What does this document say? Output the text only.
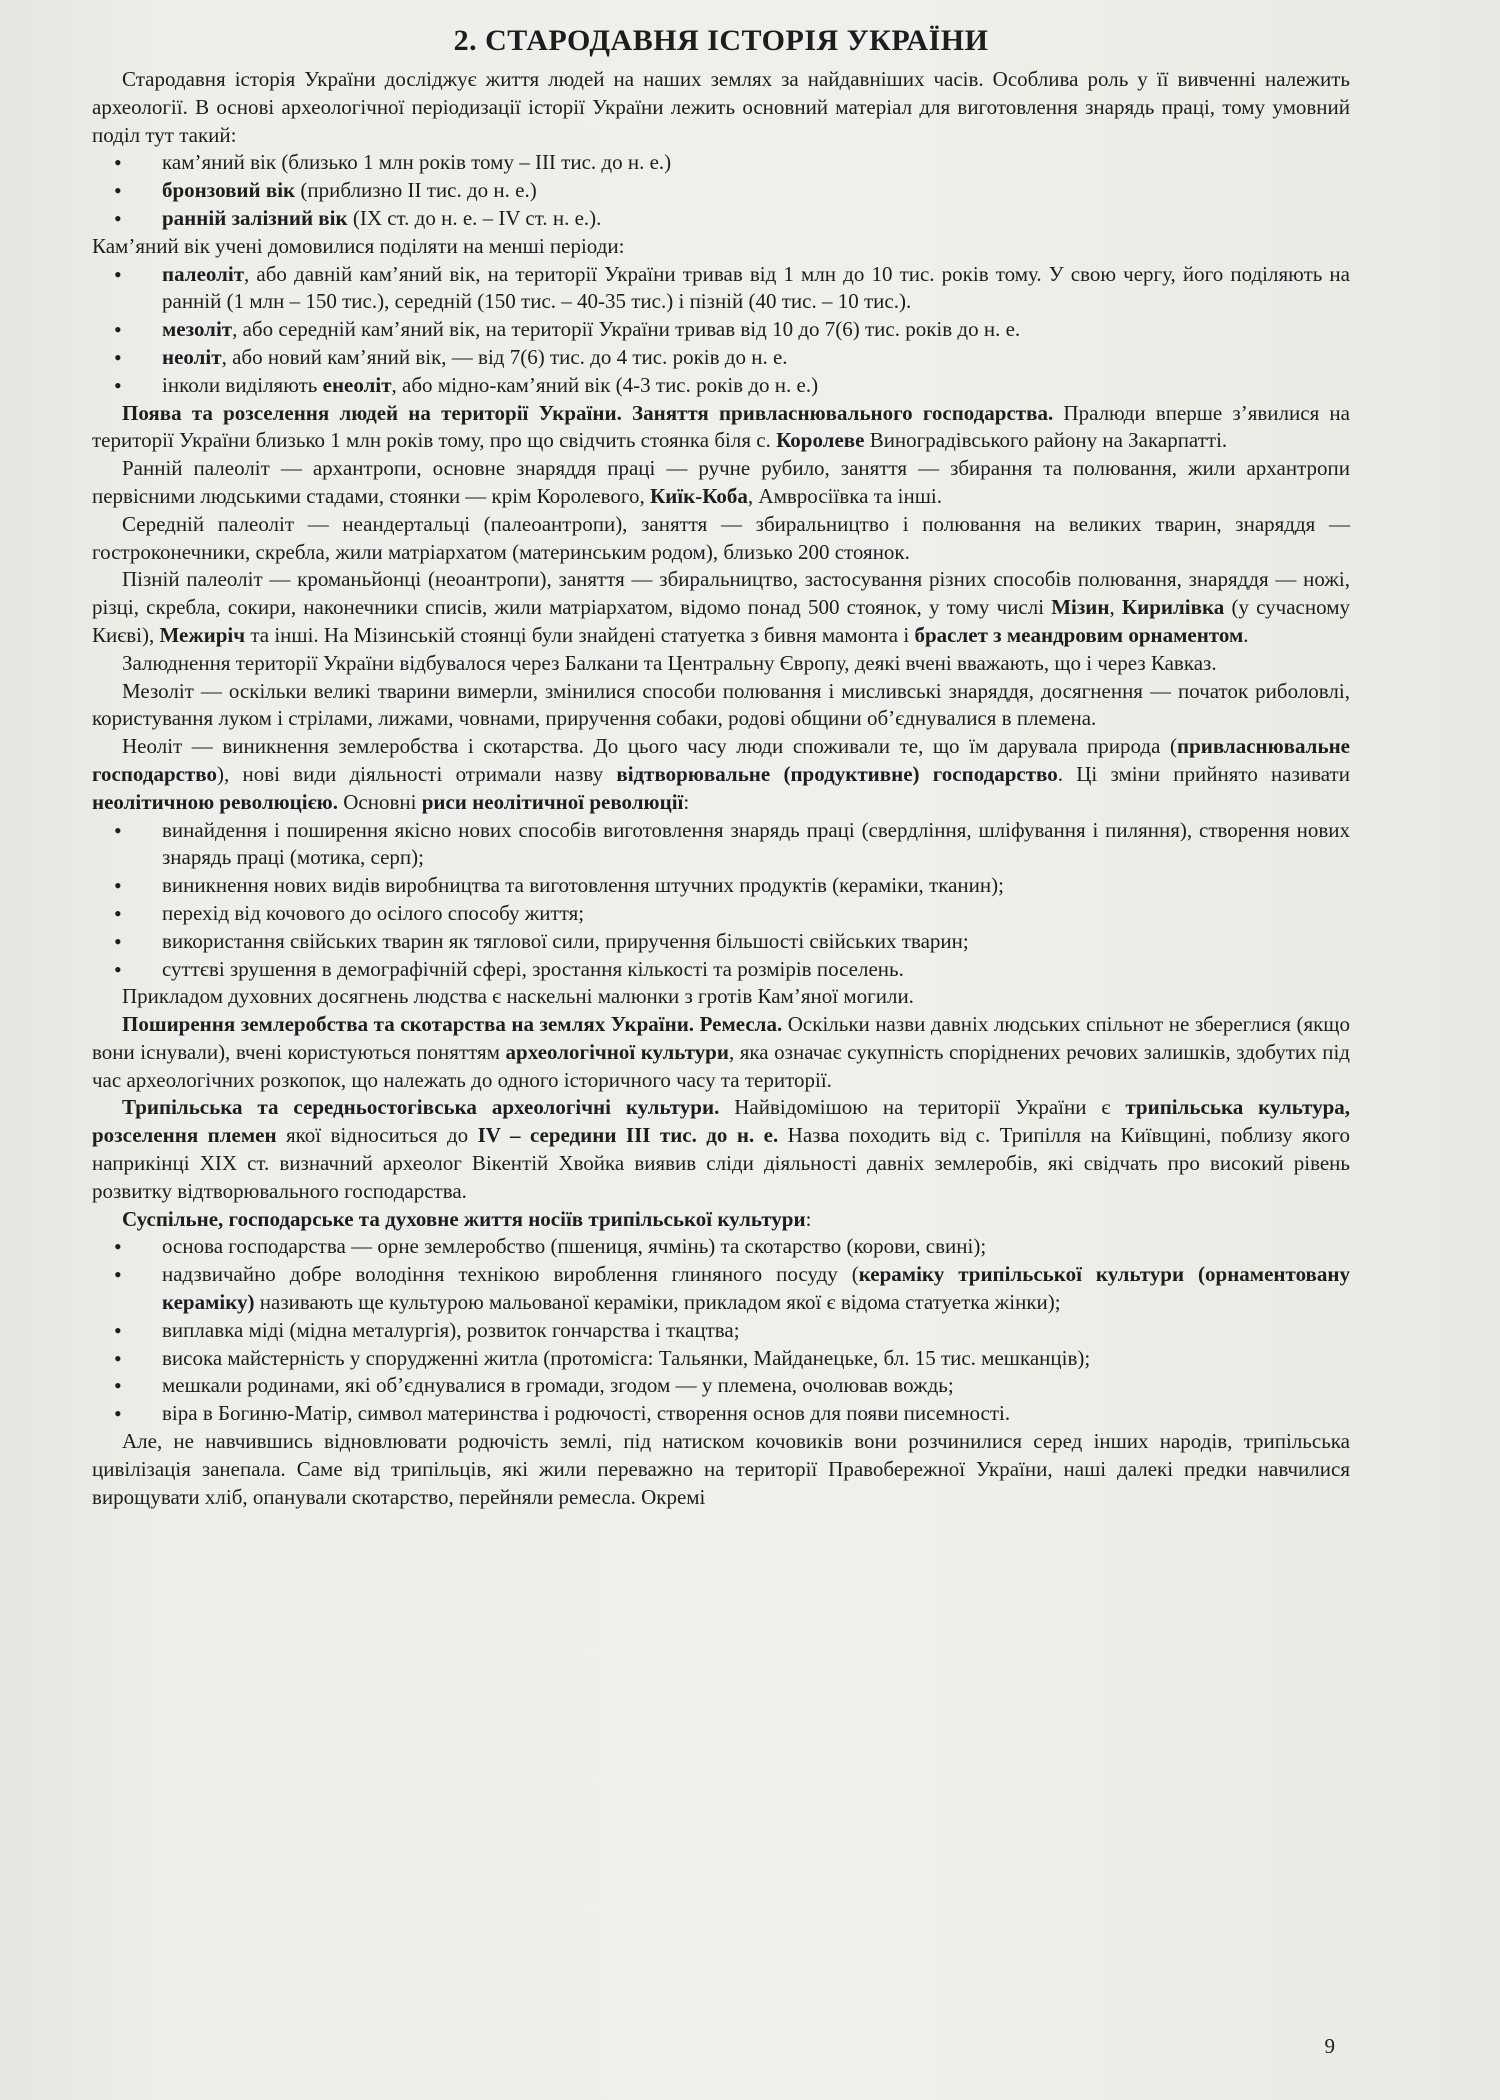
2. СТАРОДАВНЯ ІСТОРІЯ УКРАЇНИ

Стародавня історія України досліджує життя людей на наших землях за найдавніших часів. Особлива роль у її вивченні належить археології. В основі археологічної періодизації історії України лежить основний матеріал для виготовлення знарядь праці, тому умовний поділ тут такий:

• кам’яний вік (близько 1 млн років тому – III тис. до н. е.)
• бронзовий вік (приблизно ІІ тис. до н. е.)
• ранній залізний вік (IX ст. до н. е. – IV ст. н. е.).

Кам’яний вік учені домовилися поділяти на менші періоди:

• палеоліт, або давній кам’яний вік, на території України тривав від 1 млн до 10 тис. років тому. У свою чергу, його поділяють на ранній (1 млн – 150 тис.), середній (150 тис. – 40-35 тис.) і пізній (40 тис. – 10 тис.).
• мезоліт, або середній кам’яний вік, на території України тривав від 10 до 7(6) тис. років до н. е.
• неоліт, або новий кам’яний вік, — від 7(6) тис. до 4 тис. років до н. е.
• інколи виділяють енеоліт, або мідно-кам’яний вік (4-3 тис. років до н. е.)

Поява та розселення людей на території України. Заняття привласнювального господарства. Пралюди вперше з’явилися на території України близько 1 млн років тому, про що свідчить стоянка біля с. Королеве Виноградівського району на Закарпатті.

Ранній палеоліт — архантропи, основне знаряддя праці — ручне рубило, заняття — збирання та полювання, жили архантропи первісними людськими стадами, стоянки — крім Королевого, Киїк-Коба, Амвросіївка та інші.

Середній палеоліт — неандертальці (палеоантропи), заняття — збиральництво і полювання на великих тварин, знаряддя — гостроконечники, скребла, жили матріархатом (материнським родом), близько 200 стоянок.

Пізній палеоліт — кроманьйонці (неоантропи), заняття — збиральництво, застосування різних способів полювання, знаряддя — ножі, різці, скребла, сокири, наконечники списів, жили матріархатом, відомо понад 500 стоянок, у тому числі Мізин, Кирилівка (у сучасному Києві), Межиріч та інші. На Мізинській стоянці були знайдені статуетка з бивня мамонта і браслет з меандровим орнаментом.

Залюднення території України відбувалося через Балкани та Центральну Європу, деякі вчені вважають, що і через Кавказ.

Мезоліт — оскільки великі тварини вимерли, змінилися способи полювання і мисливські знаряддя, досягнення — початок риболовлі, користування луком і стрілами, лижами, човнами, приручення собаки, родові общини об’єднувалися в племена.

Неоліт — виникнення землеробства і скотарства. До цього часу люди споживали те, що їм дарувала природа (привласнювальне господарство), нові види діяльності отримали назву відтворювальне (продуктивне) господарство. Ці зміни прийнято називати неолітичною революцією. Основні риси неолітичної революції:

• винайдення і поширення якісно нових способів виготовлення знарядь праці (свердління, шліфування і пиляння), створення нових знарядь праці (мотика, серп);
• виникнення нових видів виробництва та виготовлення штучних продуктів (кераміки, тканин);
• перехід від кочового до осілого способу життя;
• використання свійських тварин як тяглової сили, приручення більшості свійських тварин;
• суттєві зрушення в демографічній сфері, зростання кількості та розмірів поселень.

Прикладом духовних досягнень людства є наскельні малюнки з гротів Кам’яної могили.

Поширення землеробства та скотарства на землях України. Ремесла. Оскільки назви давніх людських спільнот не збереглися (якщо вони існували), вчені користуються поняттям археологічної культури, яка означає сукупність споріднених речових залишків, здобутих під час археологічних розкопок, що належать до одного історичного часу та території.

Трипільська та середньостогівська археологічні культури. Найвідомішою на території України є трипільська культура, розселення племен якої відноситься до IV – середини III тис. до н. е. Назва походить від с. Трипілля на Київщині, поблизу якого наприкінці XIX ст. визначний археолог Вікентій Хвойка виявив сліди діяльності давніх землеробів, які свідчать про високий рівень розвитку відтворювального господарства.

Суспільне, господарське та духовне життя носіїв трипільської культури:

• основа господарства — орне землеробство (пшениця, ячмінь) та скотарство (корови, свині);
• надзвичайно добре володіння технікою вироблення глиняного посуду (кераміку трипільської культури (орнаментовану кераміку) називають ще культурою мальованої кераміки, прикладом якої є відома статуетка жінки);
• виплавка міді (мідна металургія), розвиток гончарства і ткацтва;
• висока майстерність у спорудженні житла (протомісга: Тальянки, Майданецьке, бл. 15 тис. мешканців);
• мешкали родинами, які об’єднувалися в громади, згодом — у племена, очолював вождь;
• віра в Богиню-Матір, символ материнства і родючості, створення основ для появи писемності.

Але, не навчившись відновлювати родючість землі, під натиском кочовиків вони розчинилися серед інших народів, трипільська цивілізація занепала. Саме від трипільців, які жили переважно на території Правобережної України, наші далекі предки навчилися вирощувати хліб, опанували скотарство, перейняли ремесла. Окремі

9
